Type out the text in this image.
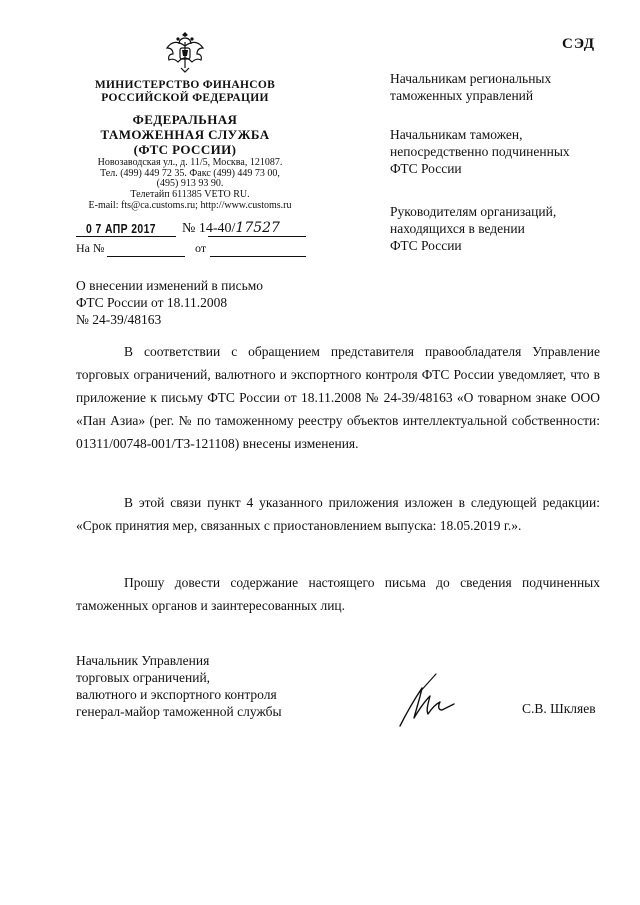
СЭД
МИНИСТЕРСТВО ФИНАНСОВ
РОССИЙСКОЙ ФЕДЕРАЦИИ
ФЕДЕРАЛЬНАЯ
ТАМОЖЕННАЯ СЛУЖБА
(ФТС РОССИИ)
Новозаводская ул., д. 11/5, Москва, 121087.
Тел. (499) 449 72 35. Факс (499) 449 73 00,
(495) 913 93 90.
Телетайп 611385 VETO RU.
E-mail: fts@ca.customs.ru; http://www.customs.ru
0 7 АПР 2017 № 14-40/17527
На №	от
Начальникам региональных
таможенных управлений
Начальникам таможен,
непосредственно подчиненных
ФТС России
Руководителям организаций,
находящихся в ведении
ФТС России
О внесении изменений в письмо
ФТС России от 18.11.2008
№ 24-39/48163
В соответствии с обращением представителя правообладателя Управление торговых ограничений, валютного и экспортного контроля ФТС России уведомляет, что в приложение к письму ФТС России от 18.11.2008 № 24-39/48163 «О товарном знаке ООО «Пан Азиа» (рег. № по таможенному реестру объектов интеллектуальной собственности: 01311/00748-001/ТЗ-121108) внесены изменения.
В этой связи пункт 4 указанного приложения изложен в следующей редакции: «Срок принятия мер, связанных с приостановлением выпуска: 18.05.2019 г.».
Прошу довести содержание настоящего письма до сведения подчиненных таможенных органов и заинтересованных лиц.
Начальник Управления
торговых ограничений,
валютного и экспортного контроля
генерал-майор таможенной службы	С.В. Шкляев
